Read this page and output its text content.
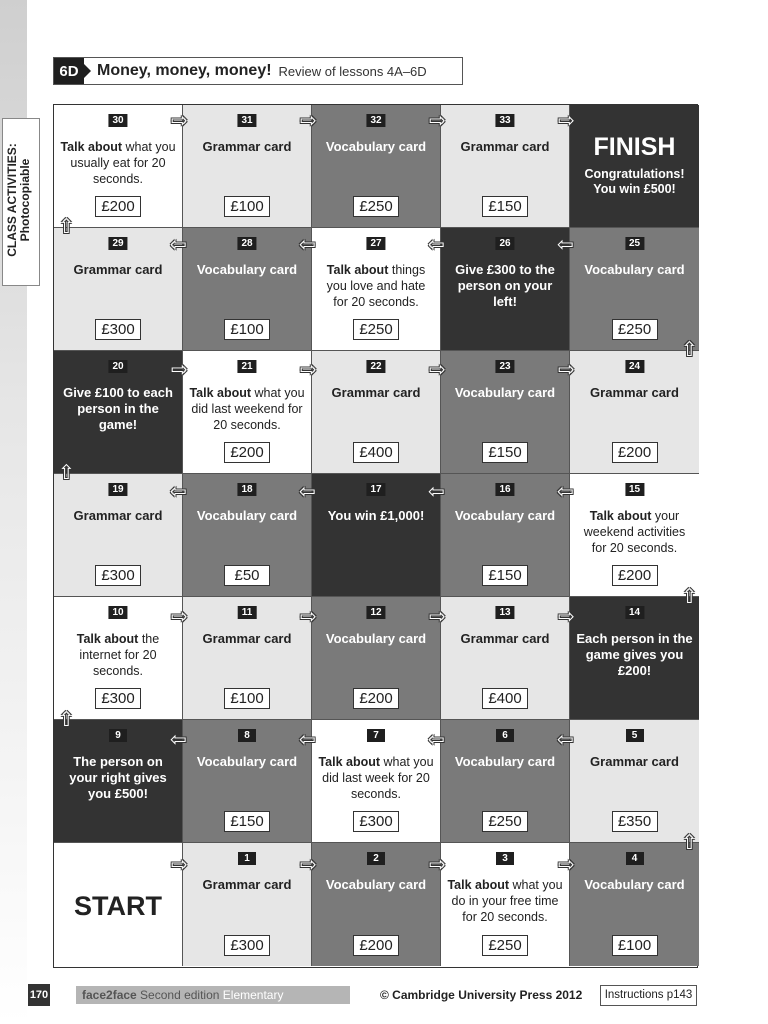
CLASS ACTIVITIES: Photocopiable
6D	Money, money, money! Review of lessons 4A–6D
30
Talk about what you usually eat for 20 seconds.
£200
31
Grammar card
£100
32
Vocabulary card
£250
33
Grammar card
£150
FINISH
Congratulations! You win £500!
29
Grammar card
£300
28
Vocabulary card
£100
27
Talk about things you love and hate for 20 seconds.
£250
26
Give £300 to the person on your left!
25
Vocabulary card
£250
20
Give £100 to each person in the game!
21
Talk about what you did last weekend for 20 seconds.
£200
22
Grammar card
£400
23
Vocabulary card
£150
24
Grammar card
£200
19
Grammar card
£300
18
Vocabulary card
£50
17
You win £1,000!
16
Vocabulary card
£150
15
Talk about your weekend activities for 20 seconds.
£200
10
Talk about the internet for 20 seconds.
£300
11
Grammar card
£100
12
Vocabulary card
£200
13
Grammar card
£400
14
Each person in the game gives you £200!
9
The person on your right gives you £500!
8
Vocabulary card
£150
7
Talk about what you did last week for 20 seconds.
£300
6
Vocabulary card
£250
5
Grammar card
£350
START
1
Grammar card
£300
2
Vocabulary card
£200
3
Talk about what you do in your free time for 20 seconds.
£250
4
Vocabulary card
£100
⇨	⇨	⇨	⇨
⇧
⇦
⇦
⇦
⇦
⇧
⇨	⇨	⇨	⇨
⇧
⇦
⇦
⇦
⇦
⇧
⇨	⇨	⇨	⇨
⇧
⇦
⇦
⇦
⇦
⇧
⇨	⇨	⇨	⇨
170	face2face Second edition Elementary Photocopiable
© Cambridge University Press 2012	Instructions p143
